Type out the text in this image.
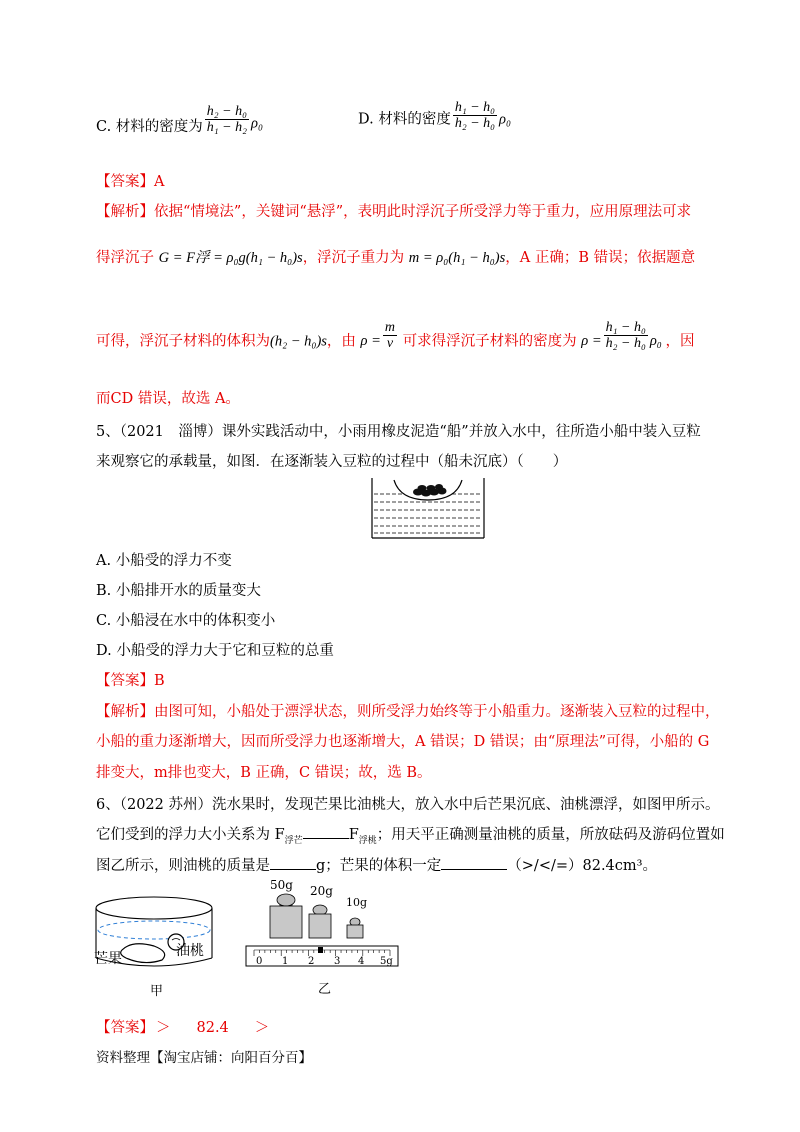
C. 材料的密度为 $\frac{\text{h₂ − h₀}}{\text{h₁ − h₂}} \rho_0$	D. 材料的密度 $\frac{\text{h₁ − h₀}}{\text{h₂ − h₀}} \rho_0$
【答案】A
【解析】依据“情境法”，关键词“悬浮”，表明此时浮沉子所受浮力等于重力，应用原理法可求
得浮沉子 G = F浮 = ρ₀g(h₁ − h₀)s，浮沉子重力为 m = ρ₀(h₁ − h₀)s，A 正确；B 错误；依据题意
可得，浮沉子材料的体积为(h₂ − h₀)s，由 $\rho = \frac{m}{v}$ 可求得浮沉子材料的密度为 $\rho = \frac{\text{h₁ − h₀}}{\text{h₂ − h₀}} \rho_0$ ，因
而CD 错误，故选 A。
5、（2021　淄博）课外实践活动中，小雨用橡皮泥造“船”并放入水中，往所造小船中装入豆粒
来观察它的承载量，如图．在逐渐装入豆粒的过程中（船未沉底）（　　）
A. 小船受的浮力不变
B. 小船排开水的质量变大
C. 小船浸在水中的体积变小
D. 小船受的浮力大于它和豆粒的总重
【答案】B
【解析】由图可知，小船处于漂浮状态，则所受浮力始终等于小船重力。逐渐装入豆粒的过程中，
小船的重力逐渐增大，因而所受浮力也逐渐增大，A 错误；D 错误；由“原理法”可得，小船的 G
排变大，m排也变大，B 正确，C 错误；故，选 B。
6、（2022 苏州）洗水果时，发现芒果比油桃大，放入水中后芒果沉底、油桃漂浮，如图甲所示。
它们受到的浮力大小关系为 $F_{浮芒}$	$F_{浮桃}$；用天平正确测量油桃的质量，所放砝码及游码位置如
图乙所示，则油桃的质量是	g；芒果的体积一定	（>/</=）82.4cm³。
芒果	油桃
甲
50g 20g
10g
0 1 2 3 4 5g
乙
【答案】 ＞ 82.4 ＞
资料整理【淘宝店铺：向阳百分百】
